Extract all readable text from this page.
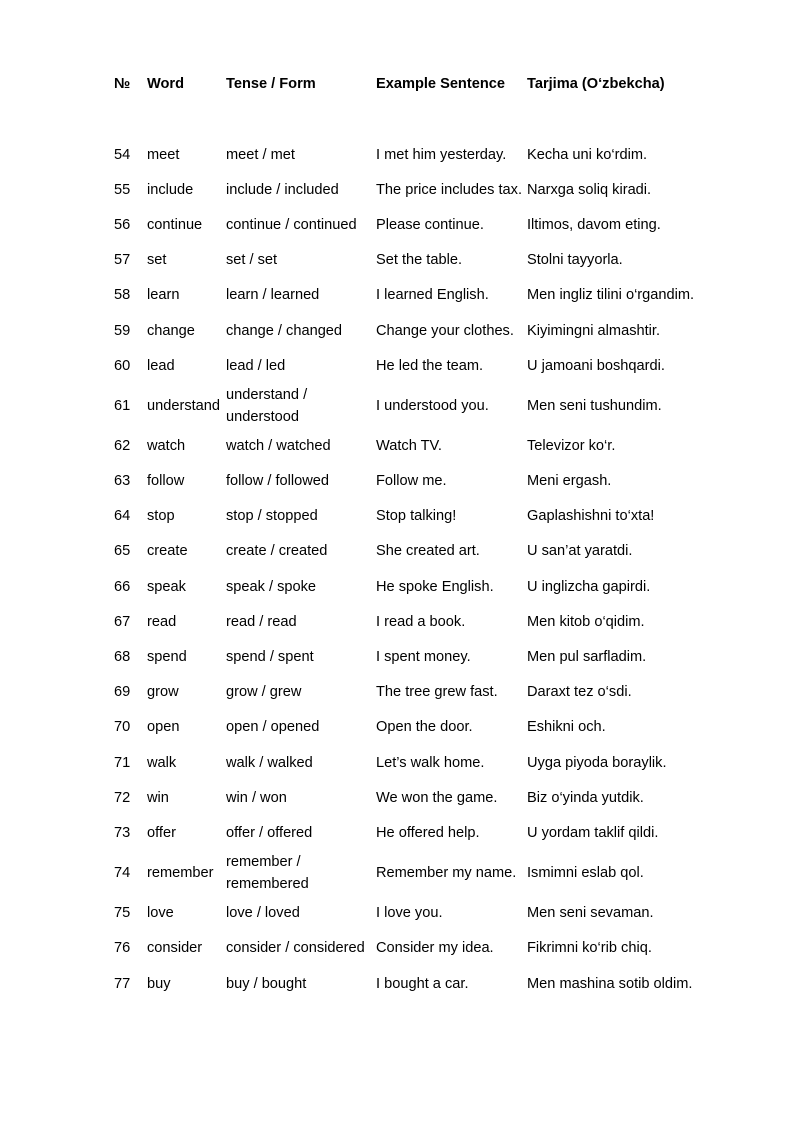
№	Word	Tense / Form	Example Sentence	Tarjima (O‘zbekcha)

54	meet	meet / met	I met him yesterday.	Kecha uni ko‘rdim.
55	include	include / included	The price includes tax.	Narxga soliq kiradi.
56	continue	continue / continued	Please continue.	Iltimos, davom eting.
57	set	set / set	Set the table.	Stolni tayyorla.
58	learn	learn / learned	I learned English.	Men ingliz tilini o‘rgandim.
59	change	change / changed	Change your clothes.	Kiyimingni almashtir.
60	lead	lead / led	He led the team.	U jamoani boshqardi.
61	understand	understand / understood	I understood you.	Men seni tushundim.
62	watch	watch / watched	Watch TV.	Televizor ko‘r.
63	follow	follow / followed	Follow me.	Meni ergash.
64	stop	stop / stopped	Stop talking!	Gaplashishni to‘xta!
65	create	create / created	She created art.	U san’at yaratdi.
66	speak	speak / spoke	He spoke English.	U inglizcha gapirdi.
67	read	read / read	I read a book.	Men kitob o‘qidim.
68	spend	spend / spent	I spent money.	Men pul sarfladim.
69	grow	grow / grew	The tree grew fast.	Daraxt tez o‘sdi.
70	open	open / opened	Open the door.	Eshikni och.
71	walk	walk / walked	Let’s walk home.	Uyga piyoda boraylik.
72	win	win / won	We won the game.	Biz o‘yinda yutdik.
73	offer	offer / offered	He offered help.	U yordam taklif qildi.
74	remember	remember / remembered	Remember my name.	Ismimni eslab qol.
75	love	love / loved	I love you.	Men seni sevaman.
76	consider	consider / considered	Consider my idea.	Fikrimni ko‘rib chiq.
77	buy	buy / bought	I bought a car.	Men mashina sotib oldim.
